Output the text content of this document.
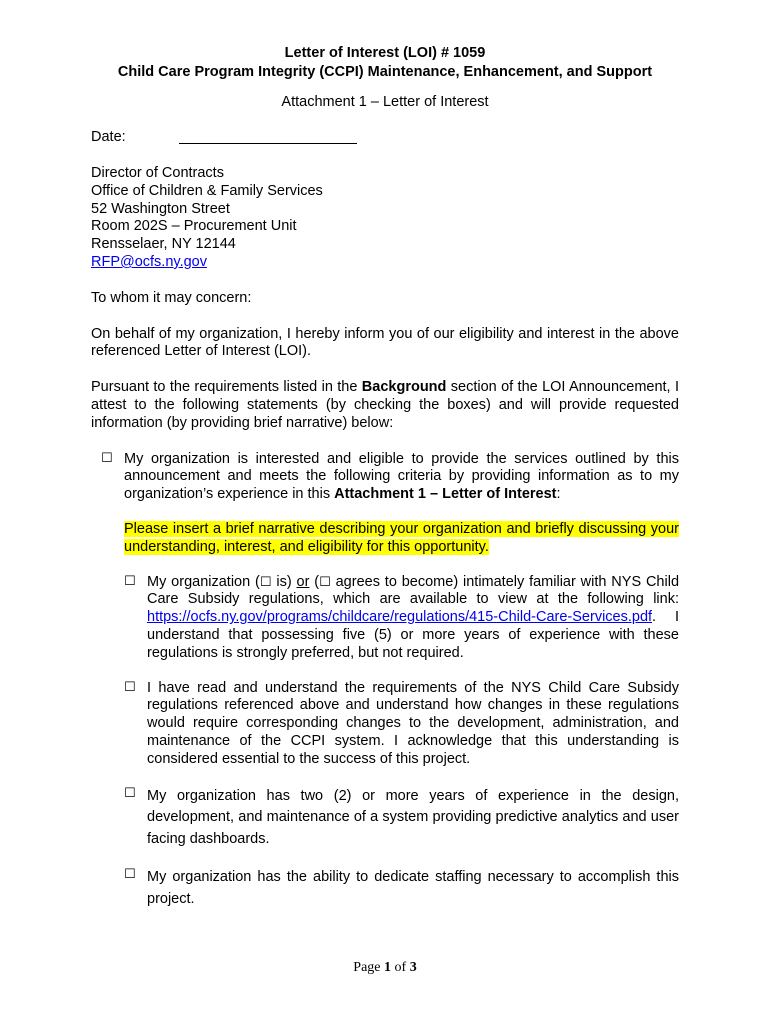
Letter of Interest (LOI) # 1059
Child Care Program Integrity (CCPI) Maintenance, Enhancement, and Support
Attachment 1 – Letter of Interest
Date:
Director of Contracts
Office of Children & Family Services
52 Washington Street
Room 202S – Procurement Unit
Rensselaer, NY 12144
RFP@ocfs.ny.gov

To whom it may concern:

On behalf of my organization, I hereby inform you of our eligibility and interest in the above referenced Letter of Interest (LOI).

Pursuant to the requirements listed in the Background section of the LOI Announcement, I attest to the following statements (by checking the boxes) and will provide requested information (by providing brief narrative) below:

☐ My organization is interested and eligible to provide the services outlined by this announcement and meets the following criteria by providing information as to my organization’s experience in this Attachment 1 – Letter of Interest:

Please insert a brief narrative describing your organization and briefly discussing your understanding, interest, and eligibility for this opportunity.

☐ My organization (☐ is) or (☐ agrees to become) intimately familiar with NYS Child Care Subsidy regulations, which are available to view at the following link: https://ocfs.ny.gov/programs/childcare/regulations/415-Child-Care-Services.pdf. I understand that possessing five (5) or more years of experience with these regulations is strongly preferred, but not required.

☐ I have read and understand the requirements of the NYS Child Care Subsidy regulations referenced above and understand how changes in these regulations would require corresponding changes to the development, administration, and maintenance of the CCPI system. I acknowledge that this understanding is considered essential to the success of this project.

☐ My organization has two (2) or more years of experience in the design, development, and maintenance of a system providing predictive analytics and user facing dashboards.

☐ My organization has the ability to dedicate staffing necessary to accomplish this project.

Page 1 of 3
